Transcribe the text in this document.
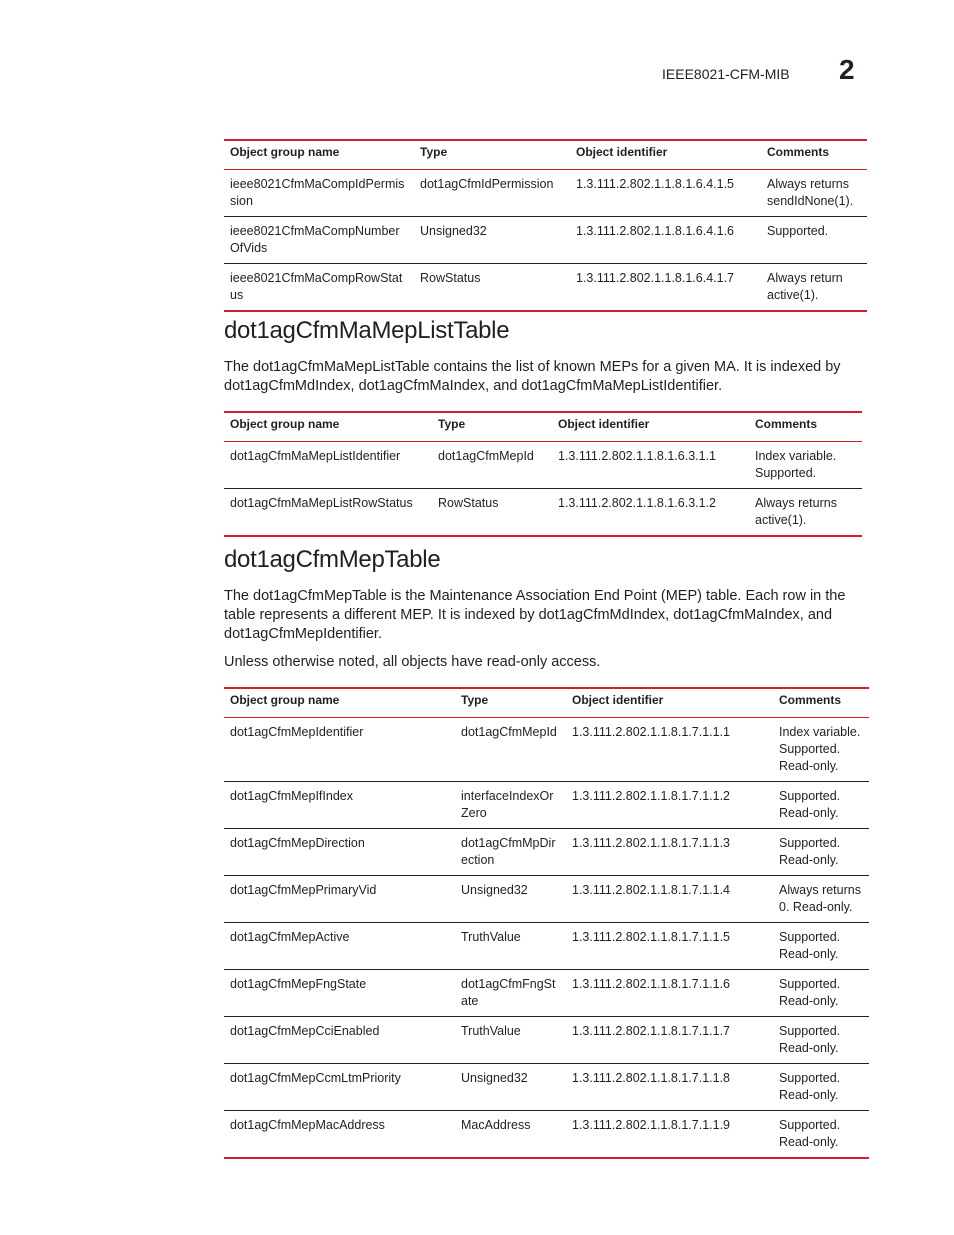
IEEE8021-CFM-MIB 2
Object group name	Type	Object identifier	Comments
ieee8021CfmMaCompIdPermission	dot1agCfmIdPermission	1.3.111.2.802.1.1.8.1.6.4.1.5	Always returns sendIdNone(1).
ieee8021CfmMaCompNumberOfVids	Unsigned32	1.3.111.2.802.1.1.8.1.6.4.1.6	Supported.
ieee8021CfmMaCompRowStatus	RowStatus	1.3.111.2.802.1.1.8.1.6.4.1.7	Always return active(1).
dot1agCfmMaMepListTable

The dot1agCfmMaMepListTable contains the list of known MEPs for a given MA. It is indexed by dot1agCfmMdIndex, dot1agCfmMaIndex, and dot1agCfmMaMepListIdentifier.

Object group name	Type	Object identifier	Comments
dot1agCfmMaMepListIdentifier	dot1agCfmMepId	1.3.111.2.802.1.1.8.1.6.3.1.1	Index variable. Supported.
dot1agCfmMaMepListRowStatus	RowStatus	1.3.111.2.802.1.1.8.1.6.3.1.2	Always returns active(1).
dot1agCfmMepTable

The dot1agCfmMepTable is the Maintenance Association End Point (MEP) table. Each row in the table represents a different MEP. It is indexed by dot1agCfmMdIndex, dot1agCfmMaIndex, and dot1agCfmMepIdentifier.

Unless otherwise noted, all objects have read-only access.

Object group name	Type	Object identifier	Comments
dot1agCfmMepIdentifier	dot1agCfmMepId	1.3.111.2.802.1.1.8.1.7.1.1.1	Index variable. Supported. Read-only.
dot1agCfmMepIfIndex	interfaceIndexOrZero	1.3.111.2.802.1.1.8.1.7.1.1.2	Supported. Read-only.
dot1agCfmMepDirection	dot1agCfmMpDirection	1.3.111.2.802.1.1.8.1.7.1.1.3	Supported. Read-only.
dot1agCfmMepPrimaryVid	Unsigned32	1.3.111.2.802.1.1.8.1.7.1.1.4	Always returns 0. Read-only.
dot1agCfmMepActive	TruthValue	1.3.111.2.802.1.1.8.1.7.1.1.5	Supported. Read-only.
dot1agCfmMepFngState	dot1agCfmFngState	1.3.111.2.802.1.1.8.1.7.1.1.6	Supported. Read-only.
dot1agCfmMepCciEnabled	TruthValue	1.3.111.2.802.1.1.8.1.7.1.1.7	Supported. Read-only.
dot1agCfmMepCcmLtmPriority	Unsigned32	1.3.111.2.802.1.1.8.1.7.1.1.8	Supported. Read-only.
dot1agCfmMepMacAddress	MacAddress	1.3.111.2.802.1.1.8.1.7.1.1.9	Supported. Read-only.
